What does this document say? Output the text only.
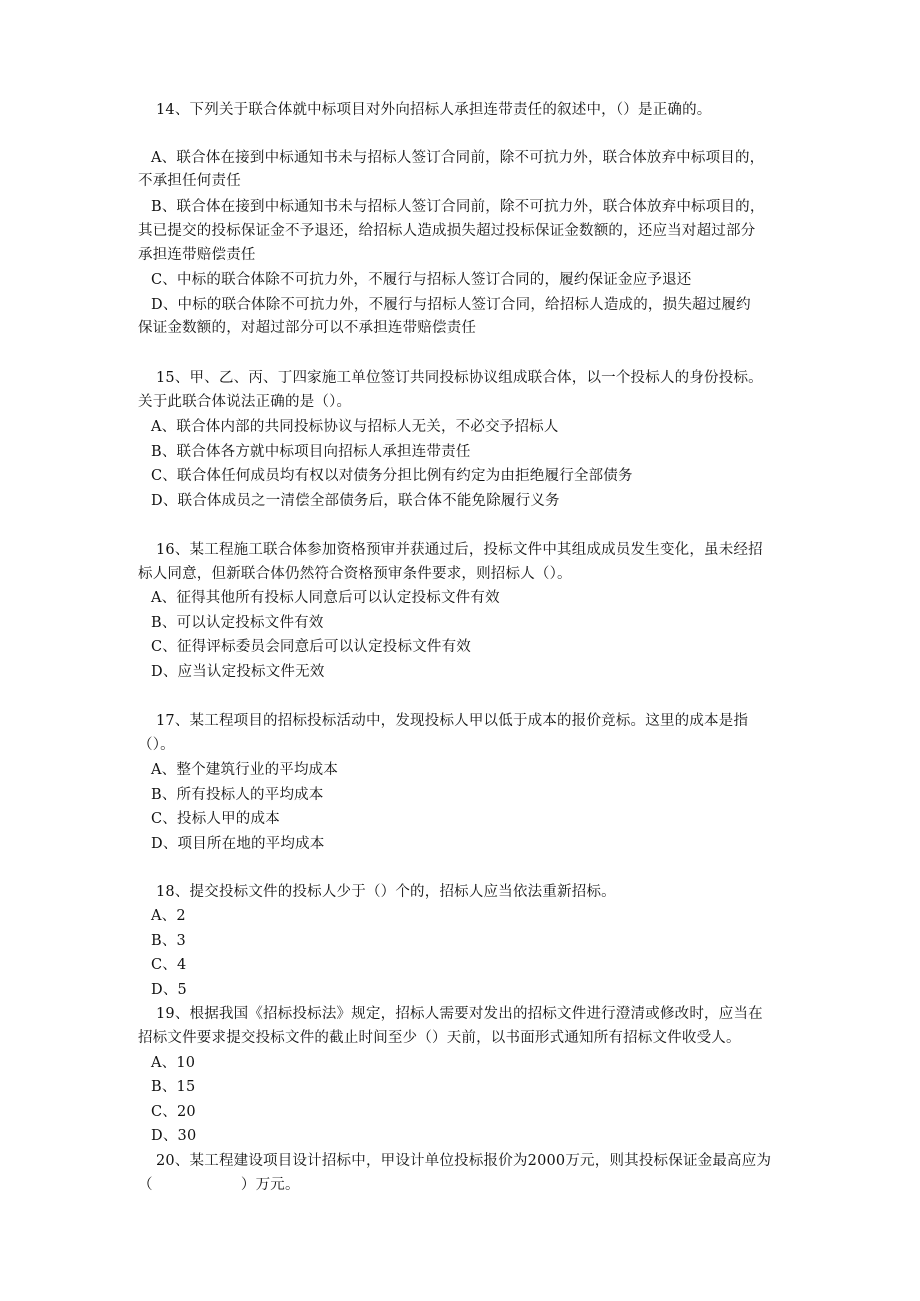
14、下列关于联合体就中标项目对外向招标人承担连带责任的叙述中，（）是正确的。
A、联合体在接到中标通知书未与招标人签订合同前，除不可抗力外，联合体放弃中标项目的，
不承担任何责任
B、联合体在接到中标通知书未与招标人签订合同前，除不可抗力外，联合体放弃中标项目的，
其已提交的投标保证金不予退还，给招标人造成损失超过投标保证金数额的，还应当对超过部分
承担连带赔偿责任
C、中标的联合体除不可抗力外，不履行与招标人签订合同的，履约保证金应予退还
D、中标的联合体除不可抗力外，不履行与招标人签订合同，给招标人造成的，损失超过履约
保证金数额的，对超过部分可以不承担连带赔偿责任
15、甲、乙、丙、丁四家施工单位签订共同投标协议组成联合体，以一个投标人的身份投标。
关于此联合体说法正确的是（）。
A、联合体内部的共同投标协议与招标人无关，不必交予招标人
B、联合体各方就中标项目向招标人承担连带责任
C、联合体任何成员均有权以对债务分担比例有约定为由拒绝履行全部债务
D、联合体成员之一清偿全部债务后，联合体不能免除履行义务
16、某工程施工联合体参加资格预审并获通过后，投标文件中其组成成员发生变化，虽未经招
标人同意，但新联合体仍然符合资格预审条件要求，则招标人（）。
A、征得其他所有投标人同意后可以认定投标文件有效
B、可以认定投标文件有效
C、征得评标委员会同意后可以认定投标文件有效
D、应当认定投标文件无效
17、某工程项目的招标投标活动中，发现投标人甲以低于成本的报价竞标。这里的成本是指
（）。
A、整个建筑行业的平均成本
B、所有投标人的平均成本
C、投标人甲的成本
D、项目所在地的平均成本
18、提交投标文件的投标人少于（）个的，招标人应当依法重新招标。
A、2
B、3
C、4
D、5
19、根据我国《招标投标法》规定，招标人需要对发出的招标文件进行澄清或修改时，应当在
招标文件要求提交投标文件的截止时间至少（）天前，以书面形式通知所有招标文件收受人。
A、10
B、15
C、20
D、30
20、某工程建设项目设计招标中，甲设计单位投标报价为2000万元，则其投标保证金最高应为
（　　　　　　）万元。
